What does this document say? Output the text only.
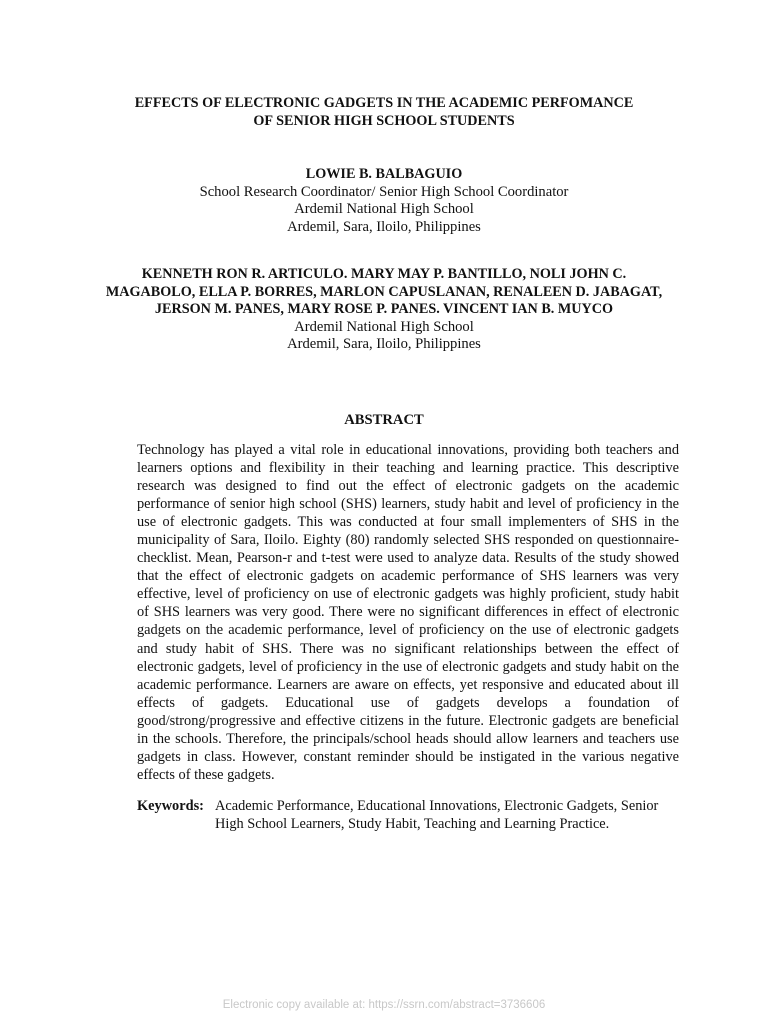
EFFECTS OF ELECTRONIC GADGETS IN THE ACADEMIC PERFOMANCE
OF SENIOR HIGH SCHOOL STUDENTS
LOWIE B. BALBAGUIO
School Research Coordinator/ Senior High School Coordinator
Ardemil National High School
Ardemil, Sara, Iloilo, Philippines
KENNETH RON R. ARTICULO. MARY MAY P. BANTILLO, NOLI JOHN C. MAGABOLO, ELLA P. BORRES, MARLON CAPUSLANAN, RENALEEN D. JABAGAT, JERSON M. PANES, MARY ROSE P. PANES. VINCENT IAN B. MUYCO
Ardemil National High School
Ardemil, Sara, Iloilo, Philippines
ABSTRACT
Technology has played a vital role in educational innovations, providing both teachers and learners options and flexibility in their teaching and learning practice. This descriptive research was designed to find out the effect of electronic gadgets on the academic performance of senior high school (SHS) learners, study habit and level of proficiency in the use of electronic gadgets. This was conducted at four small implementers of SHS in the municipality of Sara, Iloilo. Eighty (80) randomly selected SHS responded on questionnaire-checklist. Mean, Pearson-r and t-test were used to analyze data. Results of the study showed that the effect of electronic gadgets on academic performance of SHS learners was very effective, level of proficiency on use of electronic gadgets was highly proficient, study habit of SHS learners was very good. There were no significant differences in effect of electronic gadgets on the academic performance, level of proficiency on the use of electronic gadgets and study habit of SHS. There was no significant relationships between the effect of electronic gadgets, level of proficiency in the use of electronic gadgets and study habit on the academic performance. Learners are aware on effects, yet responsive and educated about ill effects of gadgets. Educational use of gadgets develops a foundation of good/strong/progressive and effective citizens in the future. Electronic gadgets are beneficial in the schools. Therefore, the principals/school heads should allow learners and teachers use gadgets in class. However, constant reminder should be instigated in the various negative effects of these gadgets.
Keywords: Academic Performance, Educational Innovations, Electronic Gadgets, Senior High School Learners, Study Habit, Teaching and Learning Practice.
Electronic copy available at: https://ssrn.com/abstract=3736606
